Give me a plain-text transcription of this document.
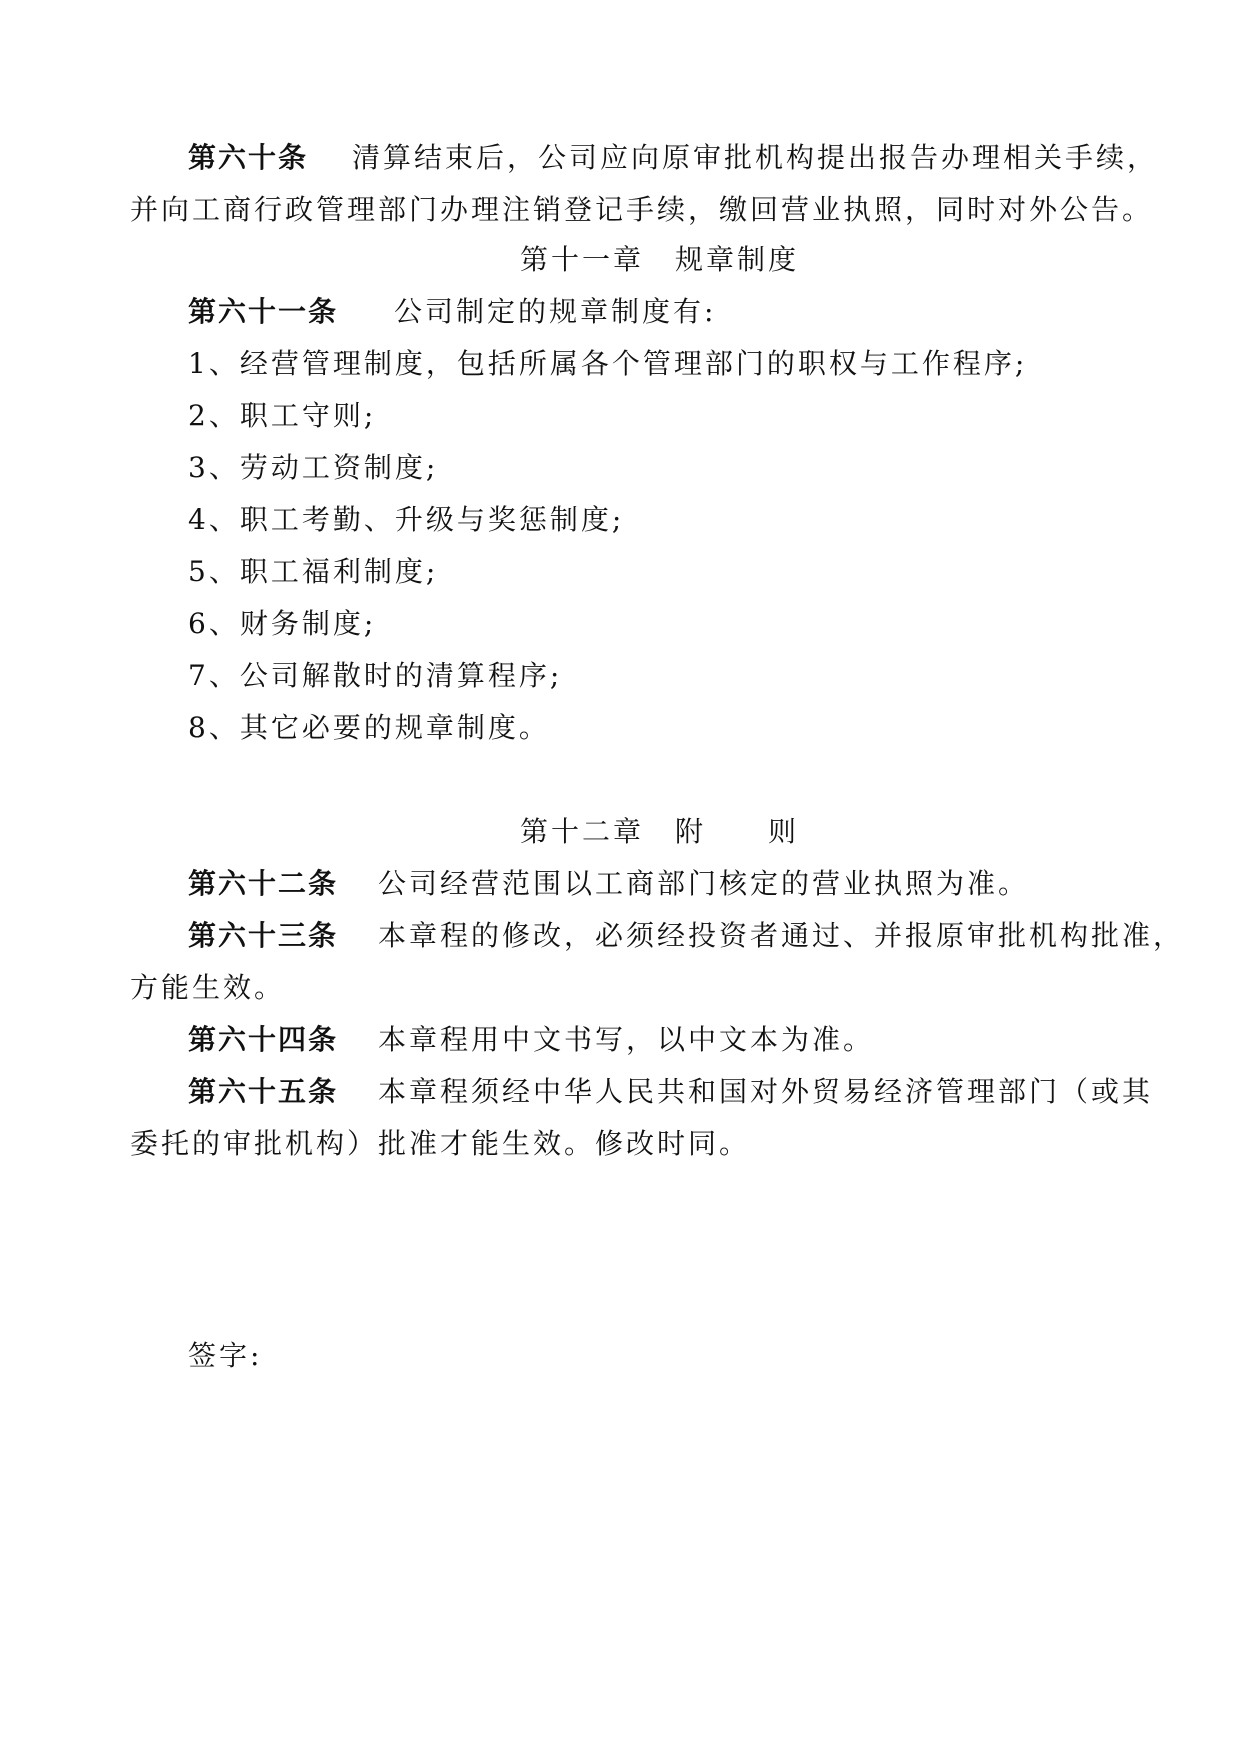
第六十条 清算结束后，公司应向原审批机构提出报告办理相关手续，
并向工商行政管理部门办理注销登记手续，缴回营业执照，同时对外公告。
第十一章　规章制度
第六十一条 公司制定的规章制度有:
1、经营管理制度，包括所属各个管理部门的职权与工作程序;
2、职工守则;
3、劳动工资制度;
4、职工考勤、升级与奖惩制度;
5、职工福利制度;
6、财务制度;
7、公司解散时的清算程序;
8、其它必要的规章制度。
第十二章　附　　则
第六十二条 公司经营范围以工商部门核定的营业执照为准。
第六十三条 本章程的修改，必须经投资者通过、并报原审批机构批准，
方能生效。
第六十四条 本章程用中文书写，以中文本为准。
第六十五条 本章程须经中华人民共和国对外贸易经济管理部门（或其
委托的审批机构）批准才能生效。修改时同。
签字:
